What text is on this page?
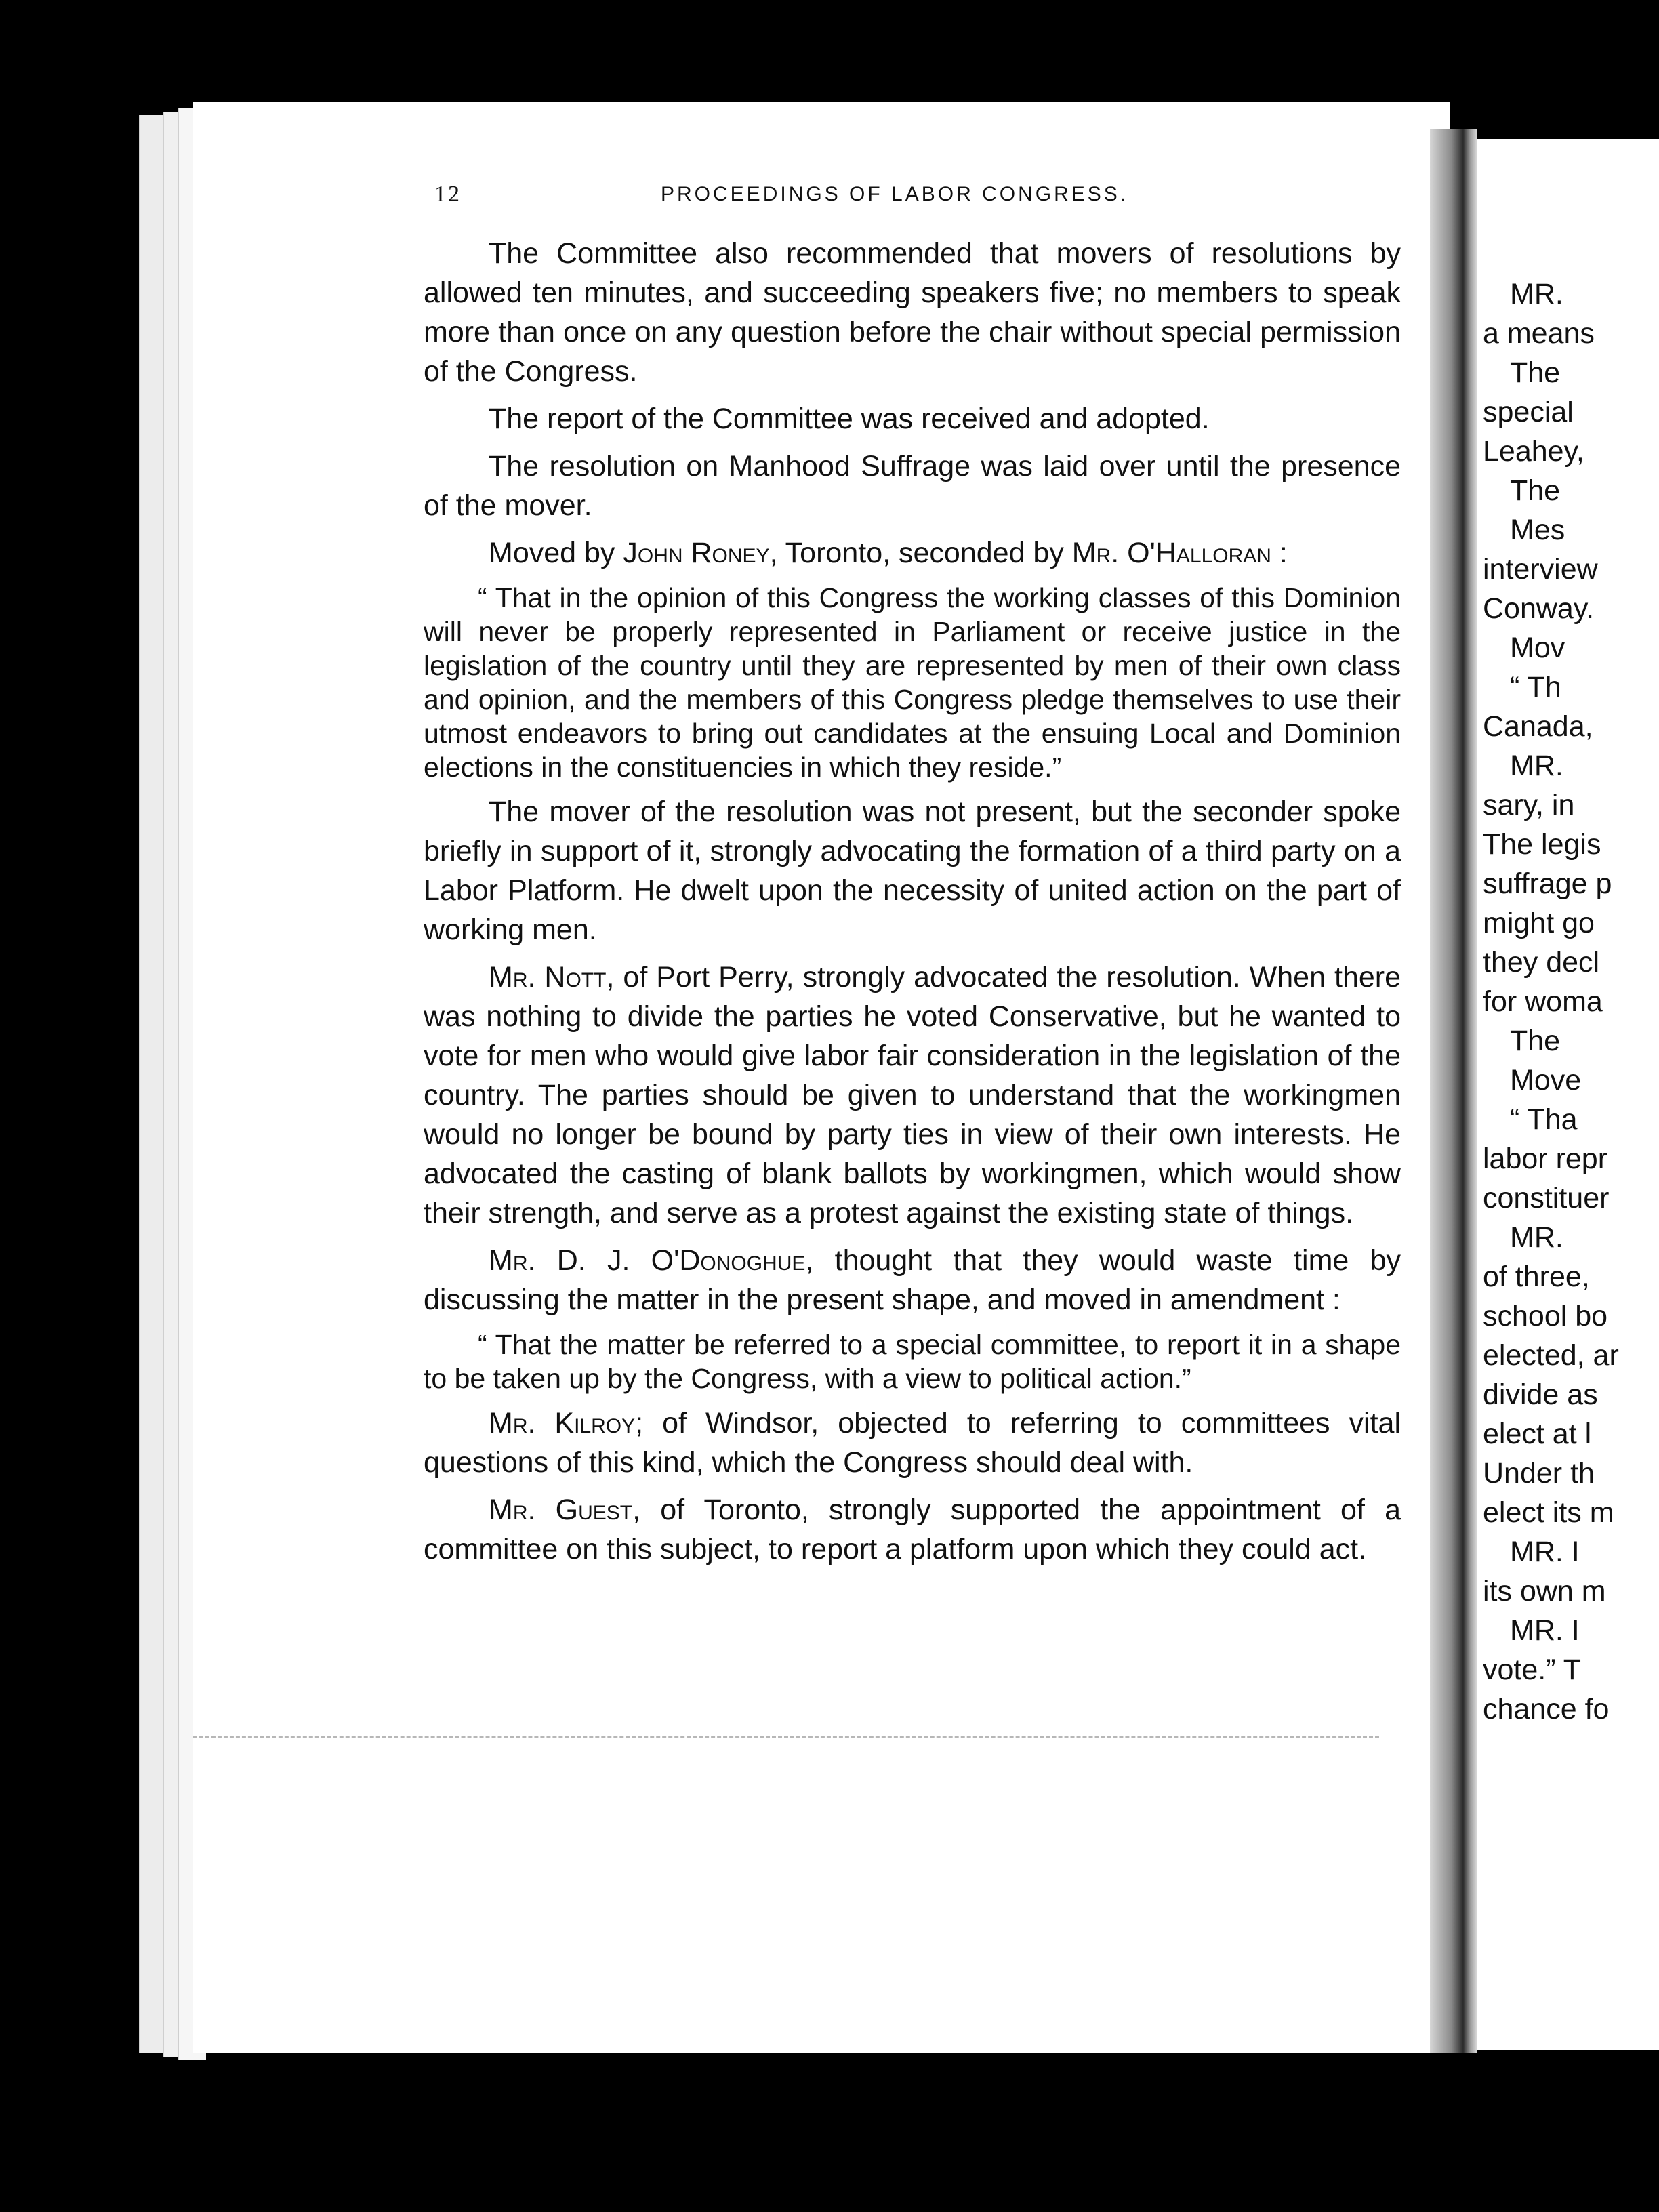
12	PROCEEDINGS OF LABOR CONGRESS.

The Committee also recommended that movers of resolutions by allowed ten minutes, and succeeding speakers five; no members to speak more than once on any question before the chair without special permission of the Congress.

The report of the Committee was received and adopted.

The resolution on Manhood Suffrage was laid over until the presence of the mover.

Moved by John Roney, Toronto, seconded by Mr. O'Halloran :

“ That in the opinion of this Congress the working classes of this Dominion will never be properly represented in Parliament or receive justice in the legislation of the country until they are represented by men of their own class and opinion, and the members of this Congress pledge themselves to use their utmost endeavors to bring out candidates at the ensuing Local and Dominion elections in the constituencies in which they reside.”

The mover of the resolution was not present, but the seconder spoke briefly in support of it, strongly advocating the formation of a third party on a Labor Platform. He dwelt upon the necessity of united action on the part of working men.

Mr. Nott, of Port Perry, strongly advocated the resolution. When there was nothing to divide the parties he voted Conservative, but he wanted to vote for men who would give labor fair consideration in the legislation of the country. The parties should be given to understand that the workingmen would no longer be bound by party ties in view of their own interests. He advocated the casting of blank ballots by workingmen, which would show their strength, and serve as a protest against the existing state of things.

Mr. D. J. O'Donoghue, thought that they would waste time by discussing the matter in the present shape, and moved in amendment :

“ That the matter be referred to a special committee, to report it in a shape to be taken up by the Congress, with a view to political action.”

Mr. Kilroy; of Windsor, objected to referring to committees vital questions of this kind, which the Congress should deal with.

Mr. Guest, of Toronto, strongly supported the appointment of a committee on this subject, to report a platform upon which they could act.

MR.
a means
The
special
Leahey,
The
Mes
interview
Conway.
Mov
“ Th
Canada,
MR.
sary, in
The legis
suffrage p
might go
they decl
for woma
The
Move
“ Tha
labor repr
constituer
MR.
of three,
school bo
elected, ar
divide as
elect at l
Under th
elect its m
MR. I
its own m
MR. I
vote.” T
chance fo
